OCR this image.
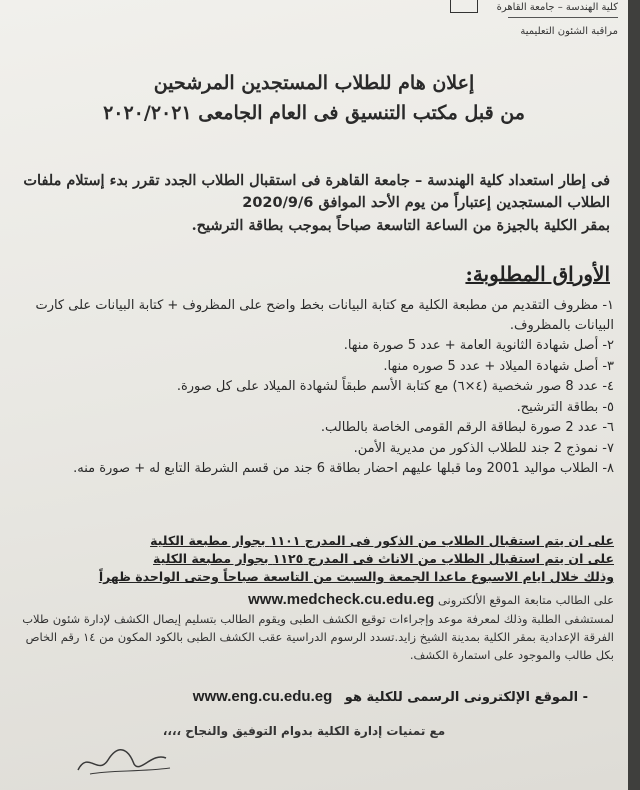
كلية الهندسة – جامعة القاهرة
مراقبة الشئون التعليمية
إعلان هام للطلاب المستجدين المرشحين
من قبل مكتب التنسيق فى العام الجامعى ٢٠٢٠/٢٠٢١
فى إطار استعداد كلية الهندسة – جامعة القاهرة فى استقبال الطلاب الجدد تقرر بدء إستلام ملفات الطلاب المستجدين إعتباراً من يوم الأحد الموافق 2020/9/6
بمقر الكلية بالجيزة من الساعة التاسعة صباحاً بموجب بطاقة الترشيح.
الأوراق المطلوبة:
١- مظروف التقديم من مطبعة الكلية مع كتابة البيانات بخط واضح على المظروف + كتابة البيانات على كارت البيانات بالمظروف.
٢- أصل شهادة الثانوية العامة + عدد 5 صورة منها.
٣- أصل شهادة الميلاد + عدد 5 صوره منها.
٤- عدد 8 صور شخصية (٤×٦) مع كتابة الأسم طبقاً لشهادة الميلاد على كل صورة.
٥- بطاقة الترشيح.
٦- عدد 2 صورة لبطاقة الرقم القومى الخاصة بالطالب.
٧- نموذج 2 جند للطلاب الذكور من مديرية الأمن.
٨- الطلاب مواليد 2001 وما قبلها عليهم احضار بطاقة 6 جند من قسم الشرطة التابع له + صورة منه.
على ان يتم استقبال الطلاب من الذكور فى المدرج ١١٠١ بجوار مطبعة الكلية
على ان يتم استقبال الطلاب من الاناث فى المدرج ١١٢٥ بجوار مطبعة الكلية
وذلك خلال ايام الاسبوع ماعدا الجمعة والسبت من التاسعة صباحاً وحتى الواحدة ظهراً
على الطالب متابعة الموقع الألكترونى www.medcheck.cu.edu.eg
لمستشفى الطلبة وذلك لمعرفة موعد وإجراءات توقيع الكشف الطبى ويقوم الطالب بتسليم إيصال الكشف لإدارة شئون طلاب الفرقة الإعدادية بمقر الكلية بمدينة الشيخ زايد.تسدد الرسوم الدراسية عقب الكشف الطبى بالكود المكون من ١٤ رقم الخاص بكل طالب والموجود على استمارة الكشف.
- الموقع الإلكترونى الرسمى للكلية هو www.eng.cu.edu.eg
مع تمنيات إدارة الكلية بدوام التوفيق والنجاح ،،،،
